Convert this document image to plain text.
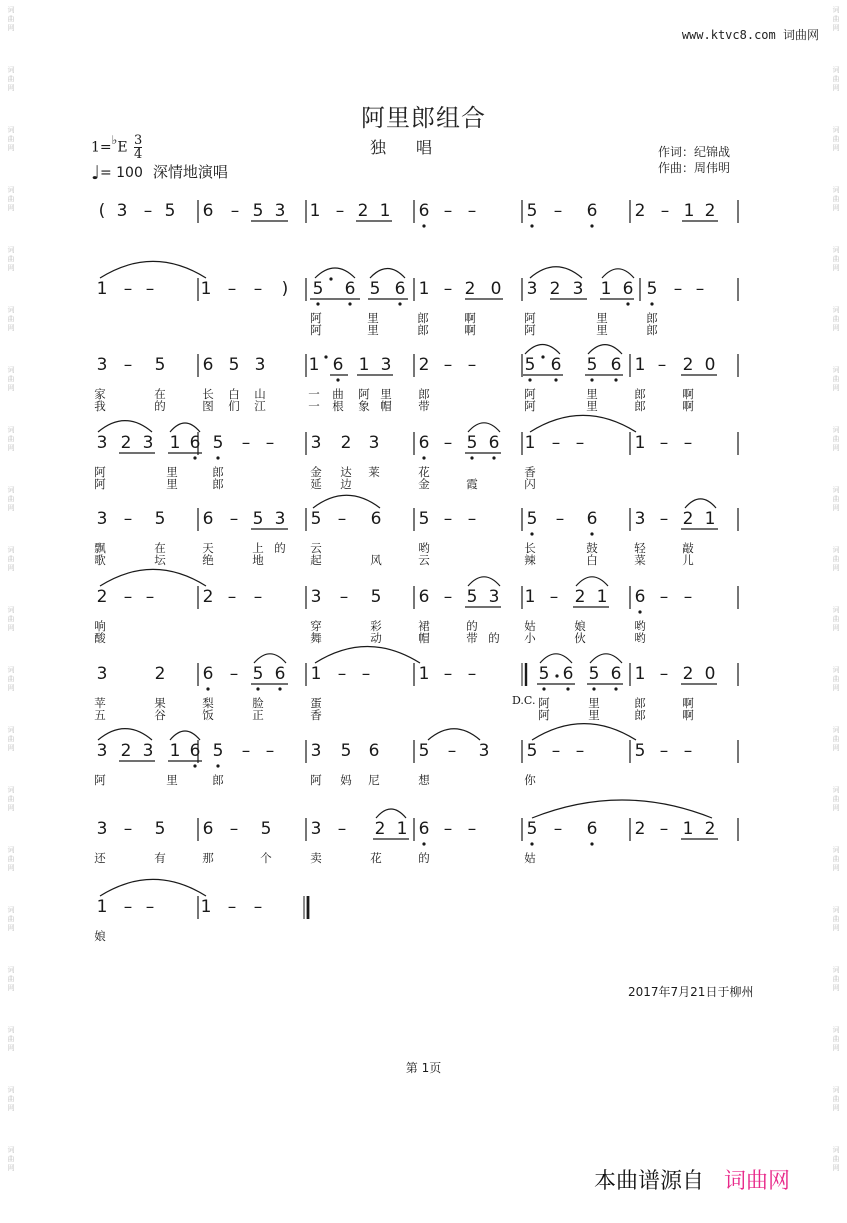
词
曲
网
词
曲
网
词
曲
网
词
曲
网
词
曲
网
词
曲
网
词
曲
网
词
曲
网
词
曲
网
词
曲
网
词
曲
网
词
曲
网
词
曲
网
词
曲
网
词
曲
网
词
曲
网
词
曲
网
词
曲
网
词
曲
网
词
曲
网
词
曲
网
词
曲
网
词
曲
网
词
曲
网
词
曲
网
词
曲
网
词
曲
网
词
曲
网
词
曲
网
词
曲
网
词
曲
网
词
曲
网
词
曲
网
词
曲
网
词
曲
网
词
曲
网
词
曲
网
词
曲
网
词
曲
网
词
曲
网
www.ktvc8.com 词曲网
阿里郎组合
1=♭E $\frac{3}{4}$	独唱
♩= 100 深情地演唱
作词：纪锦战
作曲：周伟明
( 3 – 5 6 – 5 3 1 – 2 1 6 – –	5 – 6 2 – 1 2
1 – –	1 – – ) 5 6 5 6 1 – 2 0 3 2 3 1 6 5 – –
阿	里	郎	啊	阿	里	郎
阿	里	郎	啊	阿	里	郎
3 – 5 6 5 3	1 6 1 3 2 – –	5 6 5 6 1 – 2 0
家	在	长 白 山	一 曲 阿 里 郎	阿	里	郎	啊
我	的	图 们 江	一 根 象 帽 带	阿	里	郎	啊
3 2 3 1 6 5 – – 3 2 3 6 – 5 6 1 – –	1 – –
阿	里	郎	金 达 莱	花	香
阿	里	郎	延 边	金	霞	闪
3 – 5 6 – 5 3 5 – 6 5 – –	5 – 6 3 – 2 1
飘	在	天	上 的 云	哟	长	鼓	轻	敲
歌	坛	绝	地	起	风	云	辣	白	菜	儿
2 – –	2 – –	3 – 5 6 – 5 3 1 – 2 1 6 – –
响	穿	彩	裙	的	姑	娘	哟
酸	舞	动	帽	带 的 小	伙	哟
3	2 6 – 5 6 1 – –	1 – –	5 6 5 6 1 – 2 0
D.C.
苹	果	梨	脸	蛋	阿	里	郎	啊
五	谷	饭	正	香	阿	里	郎	啊
3 2 3 1 6 5 – – 3 5 6 5 – 3 5 – –	5 – –
阿	里	郎	阿 妈 尼	想	你
3 – 5 6 – 5 3 – 2 1 6 – –	5 – 6 2 – 1 2
还	有	那	个	卖	花	的	姑
1 – –	1 – –
娘
2017年7月21日于柳州
第 1页
本曲谱源自 词曲网
